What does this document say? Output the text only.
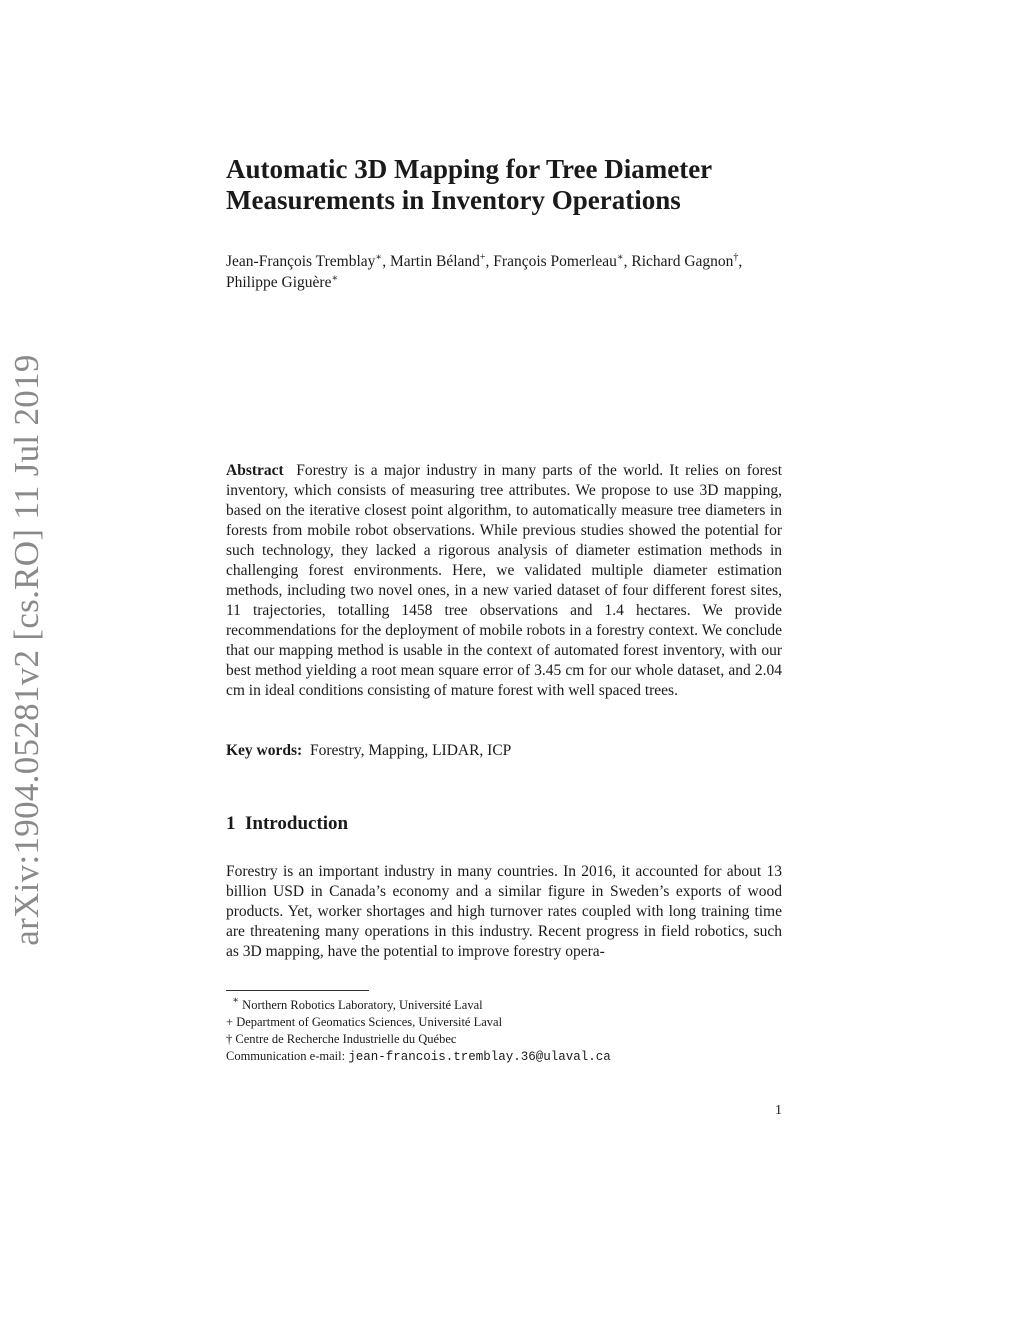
arXiv:1904.05281v2 [cs.RO] 11 Jul 2019
Automatic 3D Mapping for Tree Diameter Measurements in Inventory Operations
Jean-François Tremblay∗, Martin Béland+, François Pomerleau∗, Richard Gagnon†, Philippe Giguère∗
Abstract Forestry is a major industry in many parts of the world. It relies on forest inventory, which consists of measuring tree attributes. We propose to use 3D mapping, based on the iterative closest point algorithm, to automatically measure tree diameters in forests from mobile robot observations. While previous studies showed the potential for such technology, they lacked a rigorous analysis of diameter estimation methods in challenging forest environments. Here, we validated multiple diameter estimation methods, including two novel ones, in a new varied dataset of four different forest sites, 11 trajectories, totalling 1458 tree observations and 1.4 hectares. We provide recommendations for the deployment of mobile robots in a forestry context. We conclude that our mapping method is usable in the context of automated forest inventory, with our best method yielding a root mean square error of 3.45 cm for our whole dataset, and 2.04 cm in ideal conditions consisting of mature forest with well spaced trees.
Key words: Forestry, Mapping, LIDAR, ICP
1 Introduction
Forestry is an important industry in many countries. In 2016, it accounted for about 13 billion USD in Canada’s economy and a similar figure in Sweden’s exports of wood products. Yet, worker shortages and high turnover rates coupled with long training time are threatening many operations in this industry. Recent progress in field robotics, such as 3D mapping, have the potential to improve forestry opera-
∗ Northern Robotics Laboratory, Université Laval
+ Department of Geomatics Sciences, Université Laval
† Centre de Recherche Industrielle du Québec
Communication e-mail: jean-francois.tremblay.36@ulaval.ca
1
